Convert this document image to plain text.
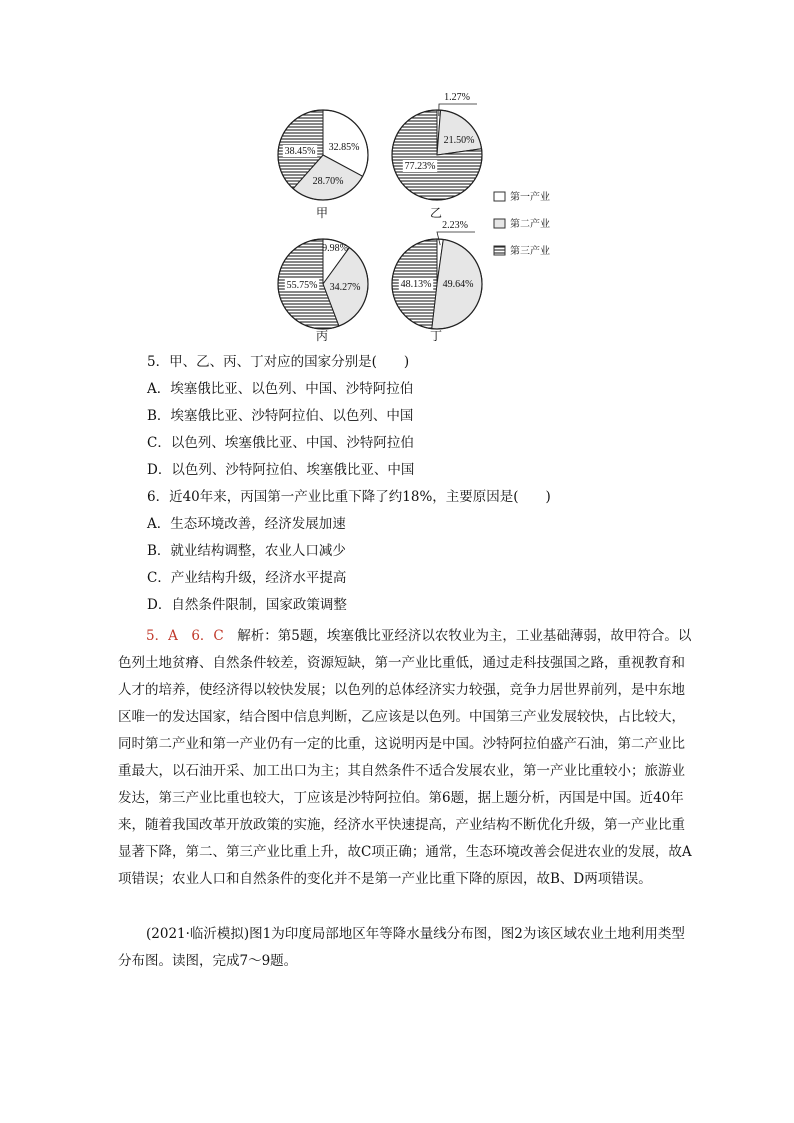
32.85%
28.70%
38.45%
甲
1.27%
21.50%
77.23%
乙
9.98%
34.27%
55.75%
丙
2.23%
49.64%
48.13%
丁
第一产业
第二产业
第三产业
5．甲、乙、丙、丁对应的国家分别是(　　)
A．埃塞俄比亚、以色列、中国、沙特阿拉伯
B．埃塞俄比亚、沙特阿拉伯、以色列、中国
C．以色列、埃塞俄比亚、中国、沙特阿拉伯
D．以色列、沙特阿拉伯、埃塞俄比亚、中国
6．近40年来，丙国第一产业比重下降了约18%，主要原因是(　　)
A．生态环境改善，经济发展加速
B．就业结构调整，农业人口减少
C．产业结构升级，经济水平提高
D．自然条件限制，国家政策调整
5．A　6．C　解析：第5题，埃塞俄比亚经济以农牧业为主，工业基础薄弱，故甲符合。以色列土地贫瘠、自然条件较差，资源短缺，第一产业比重低，通过走科技强国之路，重视教育和人才的培养，使经济得以较快发展；以色列的总体经济实力较强，竞争力居世界前列，是中东地区唯一的发达国家，结合图中信息判断，乙应该是以色列。中国第三产业发展较快，占比较大，同时第二产业和第一产业仍有一定的比重，这说明丙是中国。沙特阿拉伯盛产石油，第二产业比重最大，以石油开采、加工出口为主；其自然条件不适合发展农业，第一产业比重较小；旅游业发达，第三产业比重也较大，丁应该是沙特阿拉伯。第6题，据上题分析，丙国是中国。近40年来，随着我国改革开放政策的实施，经济水平快速提高，产业结构不断优化升级，第一产业比重显著下降，第二、第三产业比重上升，故C项正确；通常，生态环境改善会促进农业的发展，故A项错误；农业人口和自然条件的变化并不是第一产业比重下降的原因，故B、D两项错误。
(2021·临沂模拟)图1为印度局部地区年等降水量线分布图，图2为该区域农业土地利用类型分布图。读图，完成7～9题。
